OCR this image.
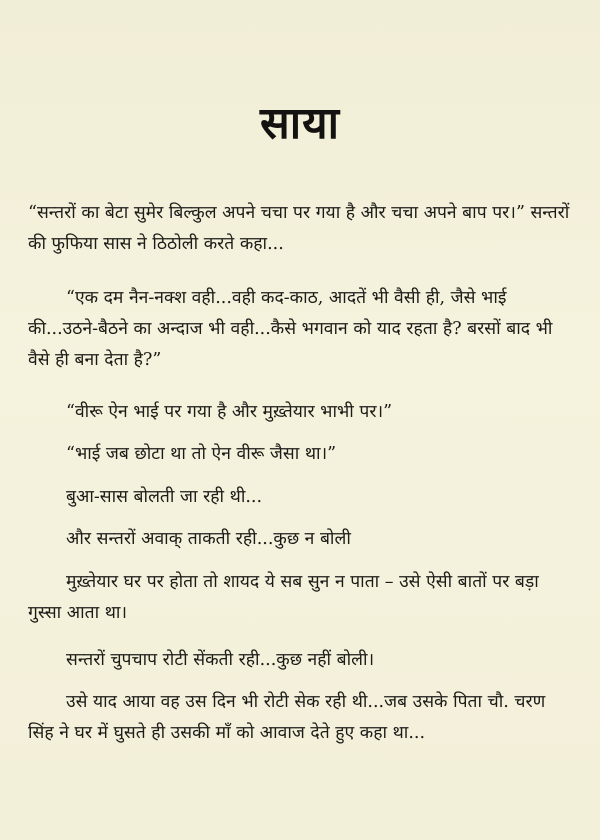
साया

“सन्तरों का बेटा सुमेर बिल्कुल अपने चचा पर गया है और चचा अपने बाप पर।” सन्तरों की फुफिया सास ने ठिठोली करते कहा...

“एक दम नैन-नक्श वही...वही कद-काठ, आदतें भी वैसी ही, जैसे भाई की...उठने-बैठने का अन्दाज भी वही...कैसे भगवान को याद रहता है? बरसों बाद भी वैसे ही बना देता है?”

“वीरू ऐन भाई पर गया है और मुख़्तेयार भाभी पर।”

“भाई जब छोटा था तो ऐन वीरू जैसा था।”

बुआ-सास बोलती जा रही थी...

और सन्तरों अवाक् ताकती रही...कुछ न बोली

मुख़्तेयार घर पर होता तो शायद ये सब सुन न पाता – उसे ऐसी बातों पर बड़ा गुस्सा आता था।

सन्तरों चुपचाप रोटी सेंकती रही...कुछ नहीं बोली।

उसे याद आया वह उस दिन भी रोटी सेक रही थी...जब उसके पिता चौ. चरण सिंह ने घर में घुसते ही उसकी माँ को आवाज देते हुए कहा था...
